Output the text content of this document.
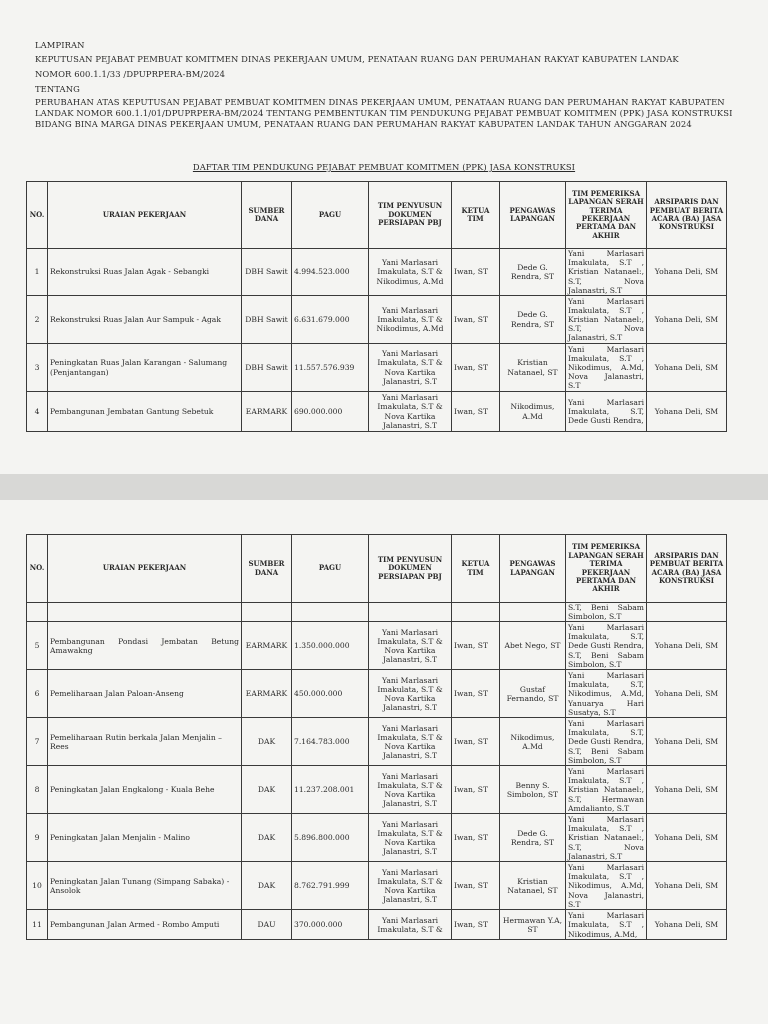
LAMPIRAN
KEPUTUSAN PEJABAT PEMBUAT KOMITMEN DINAS PEKERJAAN UMUM, PENATAAN RUANG DAN PERUMAHAN RAKYAT KABUPATEN LANDAK
NOMOR 600.1.1/33 /DPUPRPERA-BM/2024
TENTANG
PERUBAHAN ATAS KEPUTUSAN PEJABAT PEMBUAT KOMITMEN DINAS PEKERJAAN UMUM, PENATAAN RUANG DAN PERUMAHAN RAKYAT KABUPATEN LANDAK NOMOR 600.1.1/01/DPUPRPERA-BM/2024 TENTANG PEMBENTUKAN TIM PENDUKUNG PEJABAT PEMBUAT KOMITMEN (PPK) JASA KONSTRUKSI BIDANG BINA MARGA DINAS PEKERJAAN UMUM, PENATAAN RUANG DAN PERUMAHAN RAKYAT KABUPATEN LANDAK TAHUN ANGGARAN 2024
DAFTAR TIM PENDUKUNG PEJABAT PEMBUAT KOMITMEN (PPK) JASA KONSTRUKSI
NO.	URAIAN PEKERJAAN	SUMBER DANA	PAGU	TIM PENYUSUN DOKUMEN PERSIAPAN PBJ	KETUA TIM	PENGAWAS LAPANGAN	TIM PEMERIKSA LAPANGAN SERAH TERIMA PEKERJAAN PERTAMA DAN AKHIR	ARSIPARIS DAN PEMBUAT BERITA ACARA (BA) JASA KONSTRUKSI
1	Rekonstruksi Ruas Jalan Agak - Sebangki	DBH Sawit	4.994.523.000	Yani Marlasari Imakulata, S.T & Nikodimus, A.Md	Iwan, ST	Dede G. Rendra, ST	Yani Marlasari Imakulata, S.T , Kristian Natanael:, S.T, Nova Jalanastri, S.T	Yohana Deli, SM
2	Rekonstruksi Ruas Jalan Aur Sampuk - Agak	DBH Sawit	6.631.679.000	Yani Marlasari Imakulata, S.T & Nikodimus, A.Md	Iwan, ST	Dede G. Rendra, ST	Yani Marlasari Imakulata, S.T , Kristian Natanael:, S.T, Nova Jalanastri, S.T	Yohana Deli, SM
3	Peningkatan Ruas Jalan Karangan - Salumang (Penjantangan)	DBH Sawit	11.557.576.939	Yani Marlasari Imakulata, S.T & Nova Kartika Jalanastri, S.T	Iwan, ST	Kristian Natanael, ST	Yani Marlasari Imakulata, S.T , Nikodimus, A.Md, Nova Jalanastri, S.T	Yohana Deli, SM
4	Pembangunan Jembatan Gantung Sebetuk	EARMARK	690.000.000	Yani Marlasari Imakulata, S.T & Nova Kartika Jalanastri, S.T	Iwan, ST	Nikodimus, A.Md	Yani Marlasari Imakulata, S.T, Dede Gusti Rendra,	Yohana Deli, SM
NO.	URAIAN PEKERJAAN	SUMBER DANA	PAGU	TIM PENYUSUN DOKUMEN PERSIAPAN PBJ	KETUA TIM	PENGAWAS LAPANGAN	TIM PEMERIKSA LAPANGAN SERAH TERIMA PEKERJAAN PERTAMA DAN AKHIR	ARSIPARIS DAN PEMBUAT BERITA ACARA (BA) JASA KONSTRUKSI
							S.T, Beni Sabam Simbolon, S.T	
5	Pembangunan Pondasi Jembatan Betung Amawakng	EARMARK	1.350.000.000	Yani Marlasari Imakulata, S.T & Nova Kartika Jalanastri, S.T	Iwan, ST	Abet Nego, ST	Yani Marlasari Imakulata, S.T, Dede Gusti Rendra, S.T, Beni Sabam Simbolon, S.T	Yohana Deli, SM
6	Pemeliharaan Jalan Paloan-Anseng	EARMARK	450.000.000	Yani Marlasari Imakulata, S.T & Nova Kartika Jalanastri, S.T	Iwan, ST	Gustaf Fernando, ST	Yani Marlasari Imakulata, S.T, Nikodimus, A.Md, Yanuarya Hari Susatya, S.T	Yohana Deli, SM
7	Pemeliharaan Rutin berkala Jalan Menjalin – Rees	DAK	7.164.783.000	Yani Marlasari Imakulata, S.T & Nova Kartika Jalanastri, S.T	Iwan, ST	Nikodimus, A.Md	Yani Marlasari Imakulata, S.T, Dede Gusti Rendra, S.T, Beni Sabam Simbolon, S.T	Yohana Deli, SM
8	Peningkatan Jalan Engkalong - Kuala Behe	DAK	11.237.208.001	Yani Marlasari Imakulata, S.T & Nova Kartika Jalanastri, S.T	Iwan, ST	Benny S. Simbolon, ST	Yani Marlasari Imakulata, S.T , Kristian Natanael:, S.T, Hermawan Amdalianto, S.T	Yohana Deli, SM
9	Peningkatan Jalan Menjalin - Malino	DAK	5.896.800.000	Yani Marlasari Imakulata, S.T & Nova Kartika Jalanastri, S.T	Iwan, ST	Dede G. Rendra, ST	Yani Marlasari Imakulata, S.T , Kristian Natanael:, S.T, Nova Jalanastri, S.T	Yohana Deli, SM
10	Peningkatan Jalan Tunang (Simpang Sabaka) - Ansolok	DAK	8.762.791.999	Yani Marlasari Imakulata, S.T & Nova Kartika Jalanastri, S.T	Iwan, ST	Kristian Natanael, ST	Yani Marlasari Imakulata, S.T , Nikodimus, A.Md, Nova Jalanastri, S.T	Yohana Deli, SM
11	Pembangunan Jalan Armed - Rombo Amputi	DAU	370.000.000	Yani Marlasari Imakulata, S.T &	Iwan, ST	Hermawan Y.A, ST	Yani Marlasari Imakulata, S.T , Nikodimus, A.Md,	Yohana Deli, SM
